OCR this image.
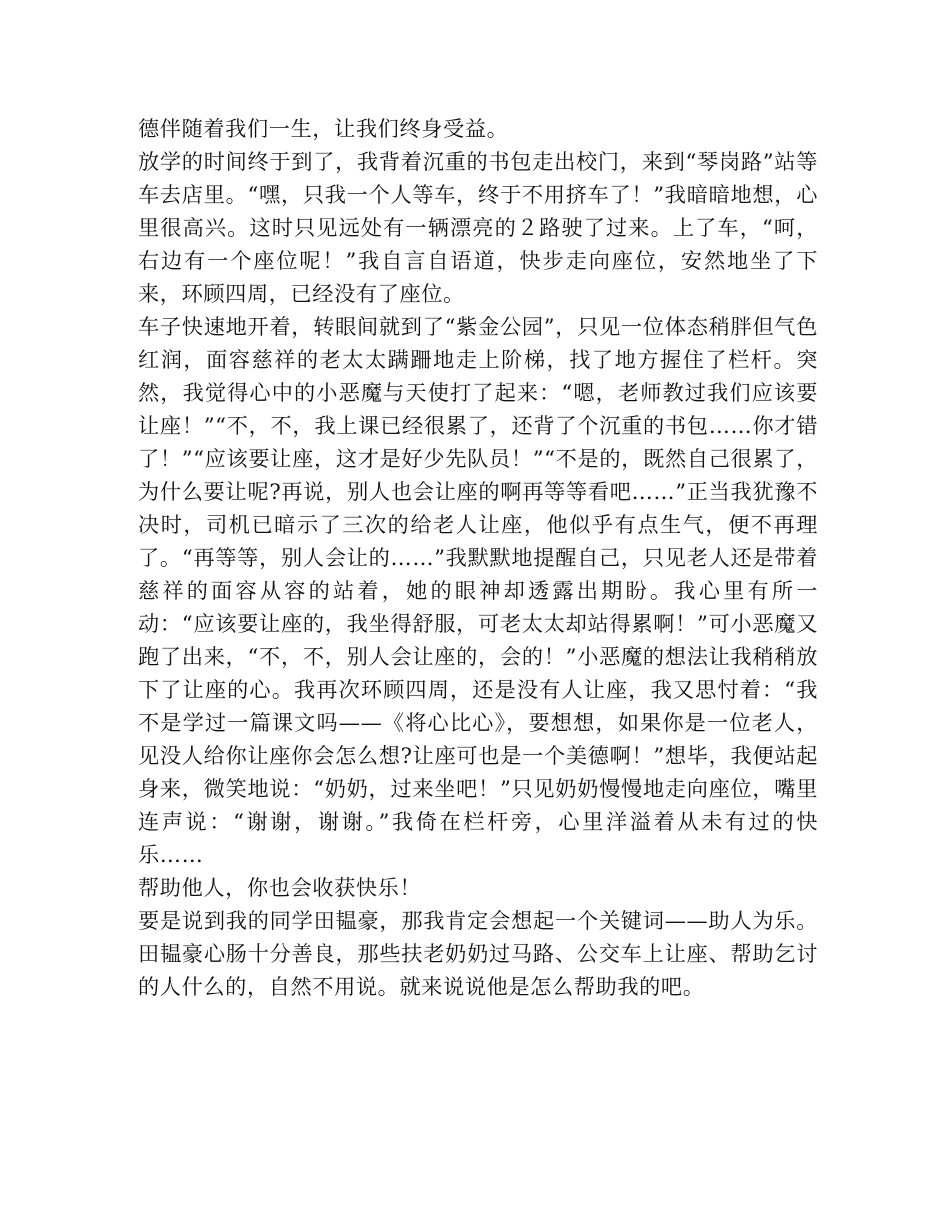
德伴随着我们一生，让我们终身受益。

放学的时间终于到了，我背着沉重的书包走出校门，来到“琴岗路”站等车去店里。“嘿，只我一个人等车，终于不用挤车了！”我暗暗地想，心里很高兴。这时只见远处有一辆漂亮的２路驶了过来。上了车，“呵，右边有一个座位呢！”我自言自语道，快步走向座位，安然地坐了下来，环顾四周，已经没有了座位。

车子快速地开着，转眼间就到了“紫金公园”，只见一位体态稍胖但气色红润，面容慈祥的老太太蹒跚地走上阶梯，找了地方握住了栏杆。突然，我觉得心中的小恶魔与天使打了起来：“嗯，老师教过我们应该要让座！”“不，不，我上课已经很累了，还背了个沉重的书包……你才错了！”“应该要让座，这才是好少先队员！”“不是的，既然自己很累了，为什么要让呢?再说，别人也会让座的啊再等等看吧……”正当我犹豫不决时，司机已暗示了三次的给老人让座，他似乎有点生气，便不再理了。“再等等，别人会让的……”我默默地提醒自己，只见老人还是带着慈祥的面容从容的站着，她的眼神却透露出期盼。我心里有所一动：“应该要让座的，我坐得舒服，可老太太却站得累啊！”可小恶魔又跑了出来，“不，不，别人会让座的，会的！”小恶魔的想法让我稍稍放下了让座的心。我再次环顾四周，还是没有人让座，我又思忖着：“我不是学过一篇课文吗——《将心比心》，要想想，如果你是一位老人，见没人给你让座你会怎么想?让座可也是一个美德啊！”想毕，我便站起身来，微笑地说：“奶奶，过来坐吧！”只见奶奶慢慢地走向座位，嘴里连声说：“谢谢，谢谢。”我倚在栏杆旁，心里洋溢着从未有过的快乐……

帮助他人，你也会收获快乐！

要是说到我的同学田韫豪，那我肯定会想起一个关键词——助人为乐。田韫豪心肠十分善良，那些扶老奶奶过马路、公交车上让座、帮助乞讨的人什么的，自然不用说。就来说说他是怎么帮助我的吧。
